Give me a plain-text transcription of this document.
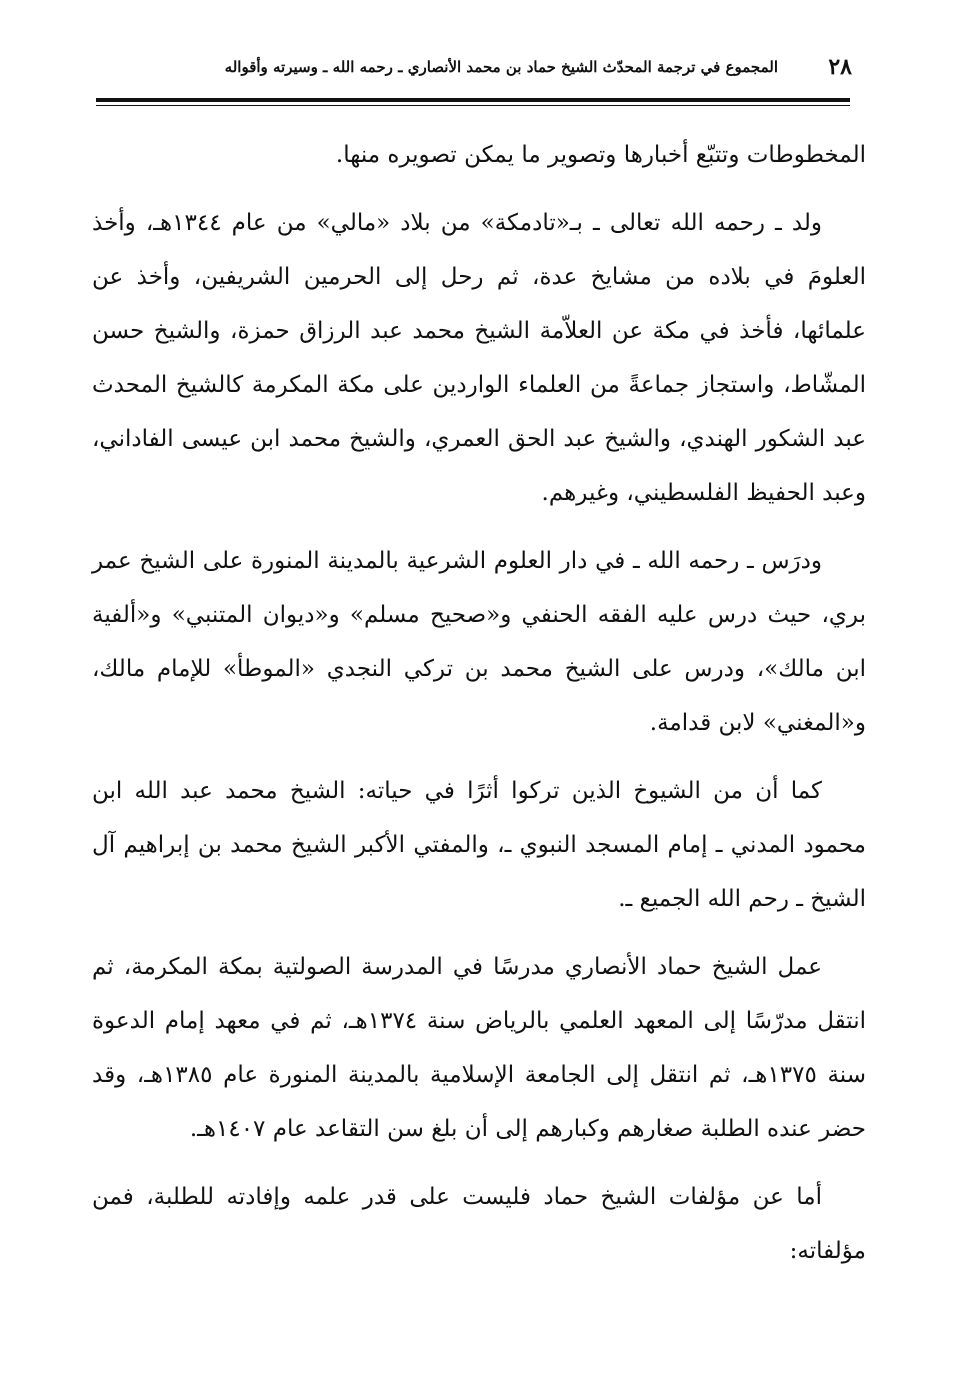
٢٨
المجموع في ترجمة المحدّث الشيخ حماد بن محمد الأنصاري ـ رحمه الله ـ وسيرته وأقواله

المخطوطات وتتبّع أخبارها وتصوير ما يمكن تصويره منها.

ولد ـ رحمه الله تعالى ـ بـ«تادمكة» من بلاد «مالي» من عام ١٣٤٤هـ، وأخذ العلومَ في بلاده من مشايخ عدة، ثم رحل إلى الحرمين الشريفين، وأخذ عن علمائها، فأخذ في مكة عن العلاّمة الشيخ محمد عبد الرزاق حمزة، والشيخ حسن المشّاط، واستجاز جماعةً من العلماء الواردين على مكة المكرمة كالشيخ المحدث عبد الشكور الهندي، والشيخ عبد الحق العمري، والشيخ محمد ابن عيسى الفاداني، وعبد الحفيظ الفلسطيني، وغيرهم.

ودرَس ـ رحمه الله ـ في دار العلوم الشرعية بالمدينة المنورة على الشيخ عمر بري، حيث درس عليه الفقه الحنفي و«صحيح مسلم» و«ديوان المتنبي» و«ألفية ابن مالك»، ودرس على الشيخ محمد بن تركي النجدي «الموطأ» للإمام مالك، و«المغني» لابن قدامة.

كما أن من الشيوخ الذين تركوا أثرًا في حياته: الشيخ محمد عبد الله ابن محمود المدني ـ إمام المسجد النبوي ـ، والمفتي الأكبر الشيخ محمد بن إبراهيم آل الشيخ ـ رحم الله الجميع ـ.

عمل الشيخ حماد الأنصاري مدرسًا في المدرسة الصولتية بمكة المكرمة، ثم انتقل مدرّسًا إلى المعهد العلمي بالرياض سنة ١٣٧٤هـ، ثم في معهد إمام الدعوة سنة ١٣٧٥هـ، ثم انتقل إلى الجامعة الإسلامية بالمدينة المنورة عام ١٣٨٥هـ، وقد حضر عنده الطلبة صغارهم وكبارهم إلى أن بلغ سن التقاعد عام ١٤٠٧هـ.

أما عن مؤلفات الشيخ حماد فليست على قدر علمه وإفادته للطلبة، فمن مؤلفاته:
